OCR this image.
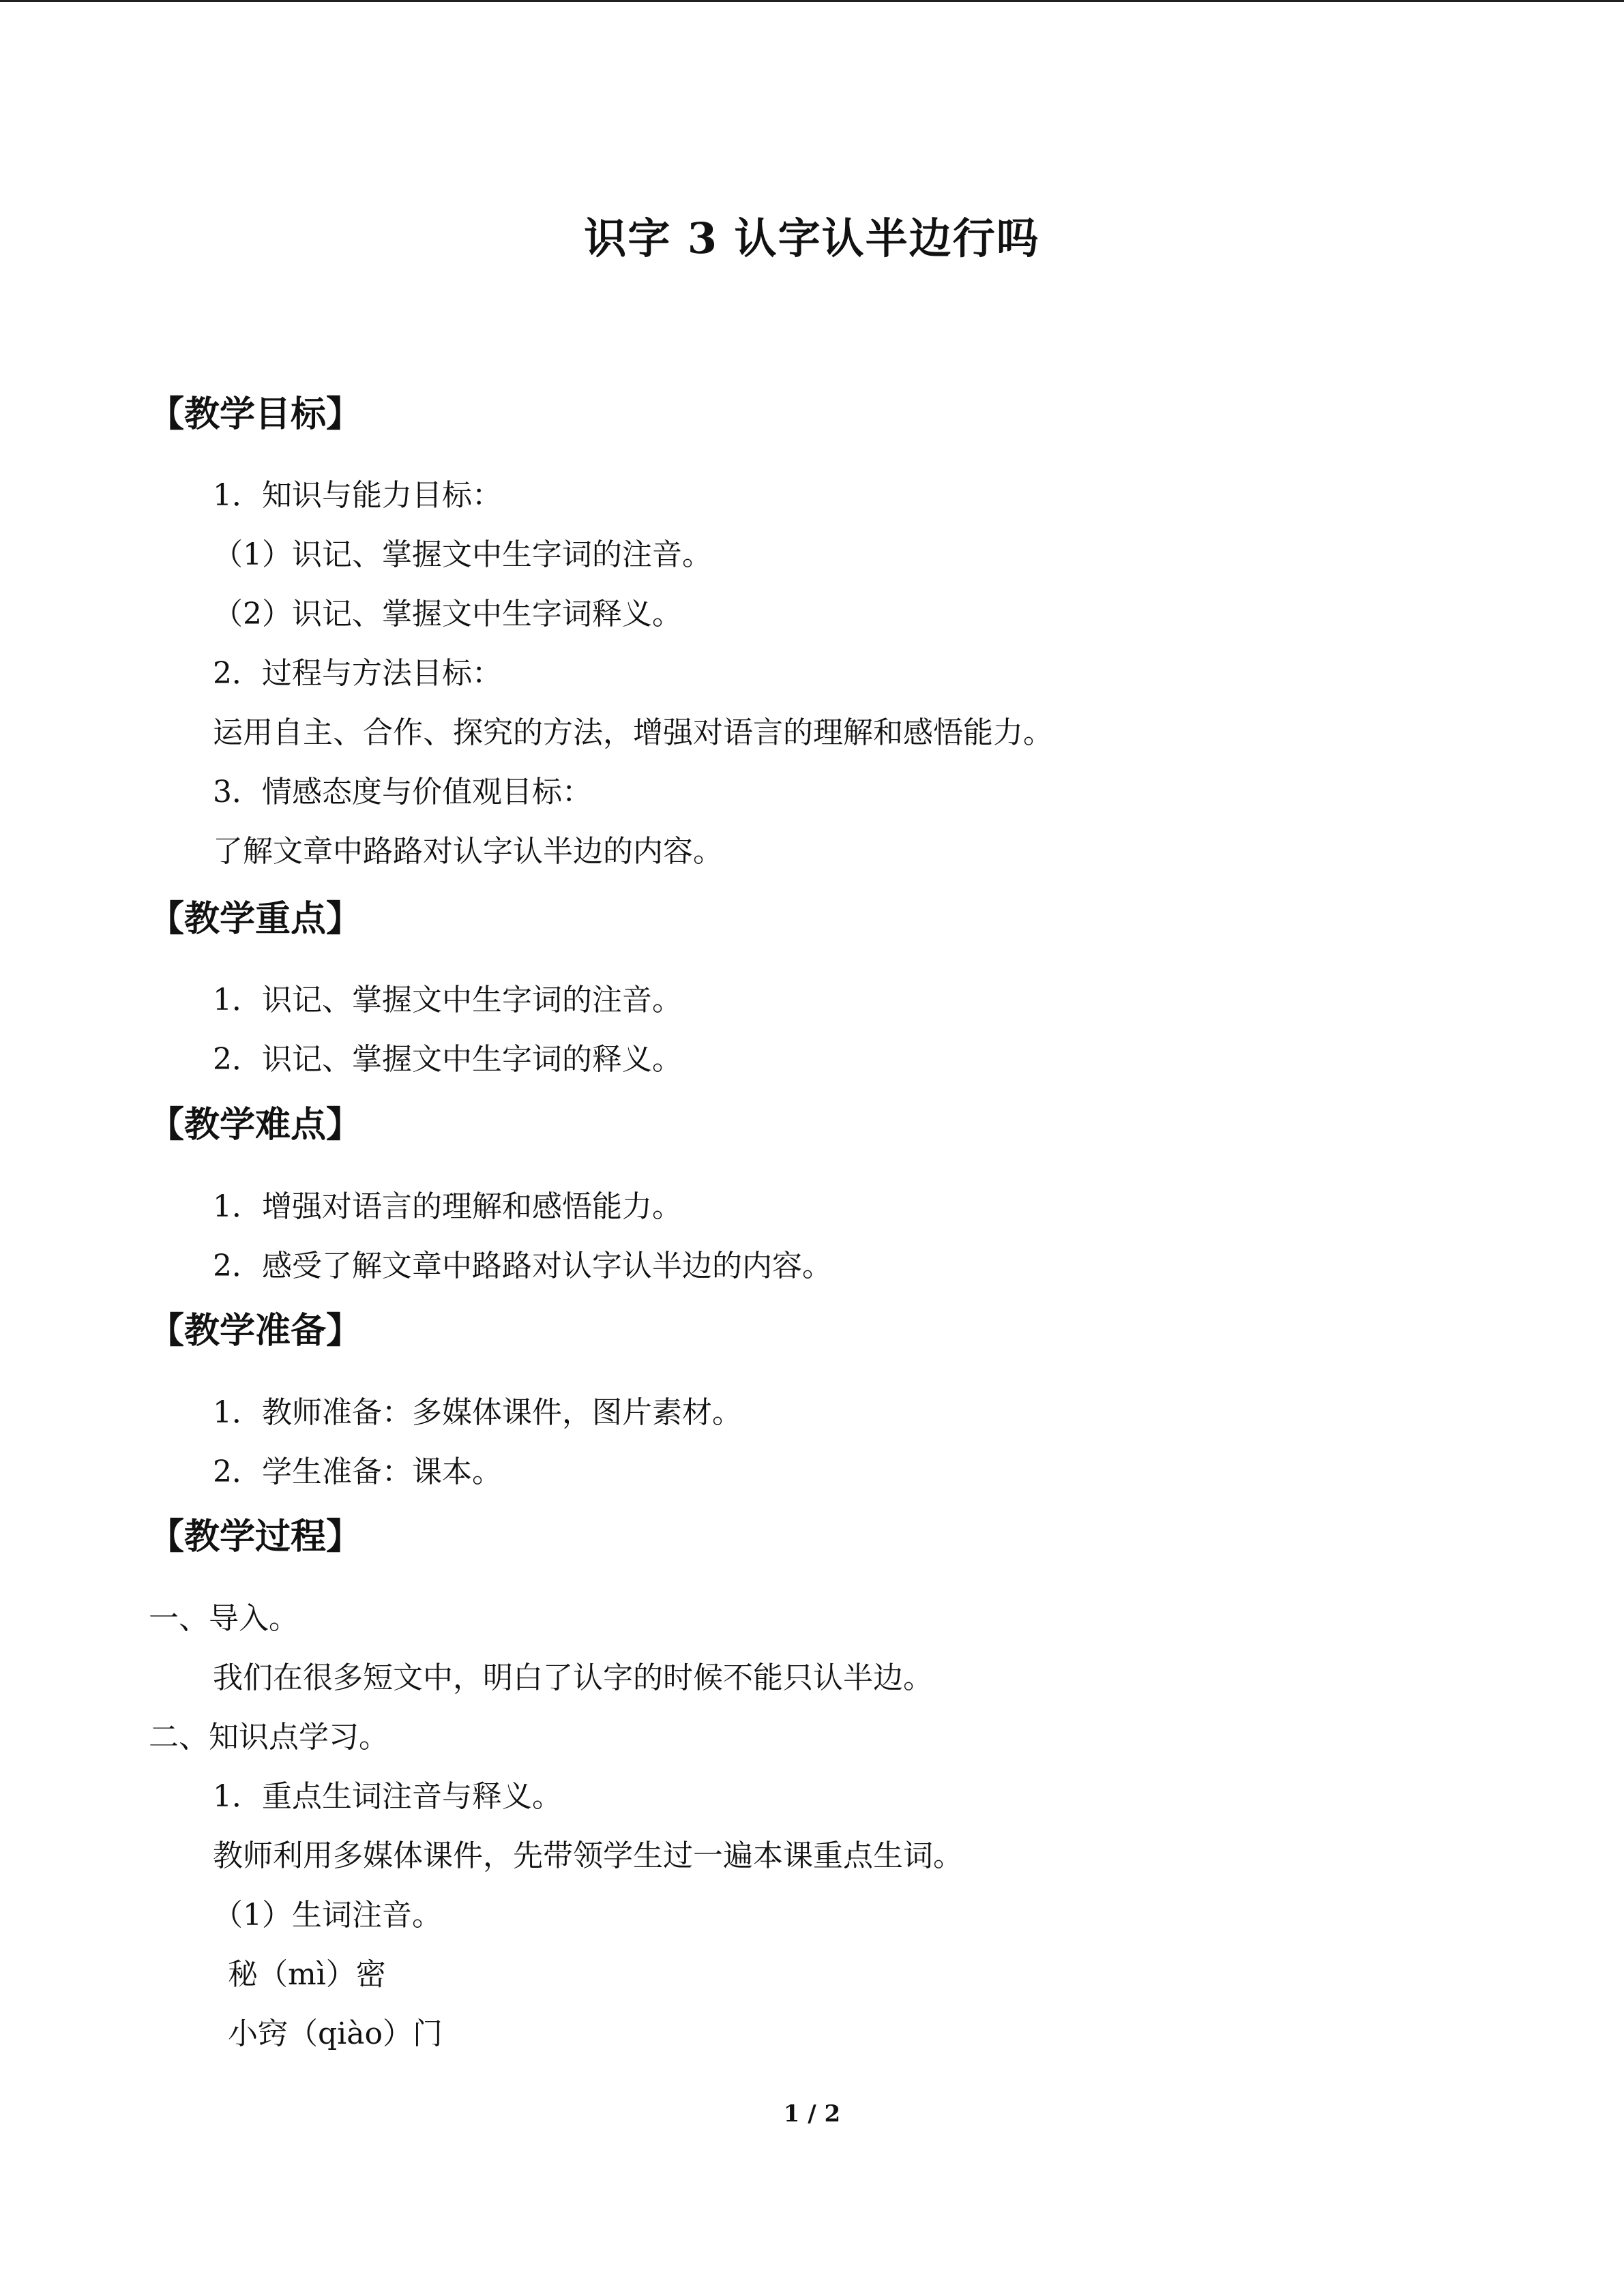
识字 3 认字认半边行吗
【教学目标】
1．知识与能力目标：
（1）识记、掌握文中生字词的注音。
（2）识记、掌握文中生字词释义。
2．过程与方法目标：
运用自主、合作、探究的方法，增强对语言的理解和感悟能力。
3．情感态度与价值观目标：
了解文章中路路对认字认半边的内容。
【教学重点】
1．识记、掌握文中生字词的注音。
2．识记、掌握文中生字词的释义。
【教学难点】
1．增强对语言的理解和感悟能力。
2．感受了解文章中路路对认字认半边的内容。
【教学准备】
1．教师准备：多媒体课件，图片素材。
2．学生准备：课本。
【教学过程】
一、导入。
我们在很多短文中，明白了认字的时候不能只认半边。
二、知识点学习。
1．重点生词注音与释义。
教师利用多媒体课件，先带领学生过一遍本课重点生词。
（1）生词注音。
秘（mì）密
小窍（qiào）门
1 / 2
